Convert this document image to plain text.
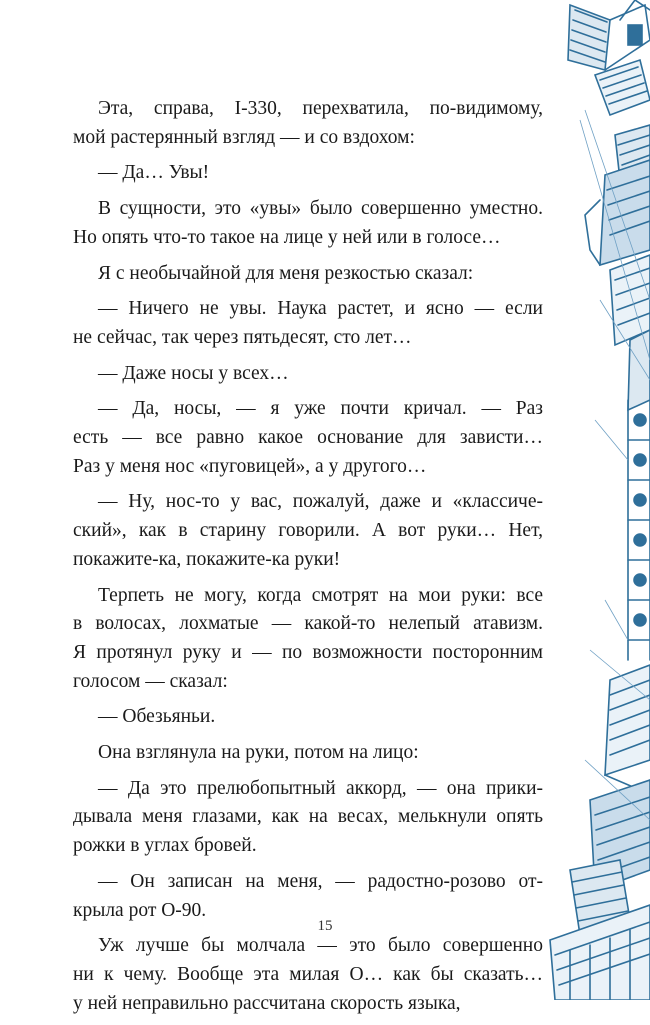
Эта, справа, I-330, перехватила, по-видимому,
мой растерянный взгляд — и со вздохом:
— Да… Увы!
В сущности, это «увы» было совершенно уместно.
Но опять что-то такое на лице у ней или в голосе…
Я с необычайной для меня резкостью сказал:
— Ничего не увы. Наука растет, и ясно — если
не сейчас, так через пятьдесят, сто лет…
— Даже носы у всех…
— Да, носы, — я уже почти кричал. — Раз
есть — все равно какое основание для зависти…
Раз у меня нос «пуговицей», а у другого…
— Ну, нос-то у вас, пожалуй, даже и «классиче-
ский», как в старину говорили. А вот руки… Нет,
покажите-ка, покажите-ка руки!
Терпеть не могу, когда смотрят на мои руки: все
в волосах, лохматые — какой-то нелепый атавизм.
Я протянул руку и — по возможности посторонним
голосом — сказал:
— Обезьяньи.
Она взглянула на руки, потом на лицо:
— Да это прелюбопытный аккорд, — она прики-
дывала меня глазами, как на весах, мелькнули опять
рожки в углах бровей.
— Он записан на меня, — радостно-розово от-
крыла рот О-90.
Уж лучше бы молчала — это было совершенно
ни к чему. Вообще эта милая О… как бы сказать…
у ней неправильно рассчитана скорость языка,
15
